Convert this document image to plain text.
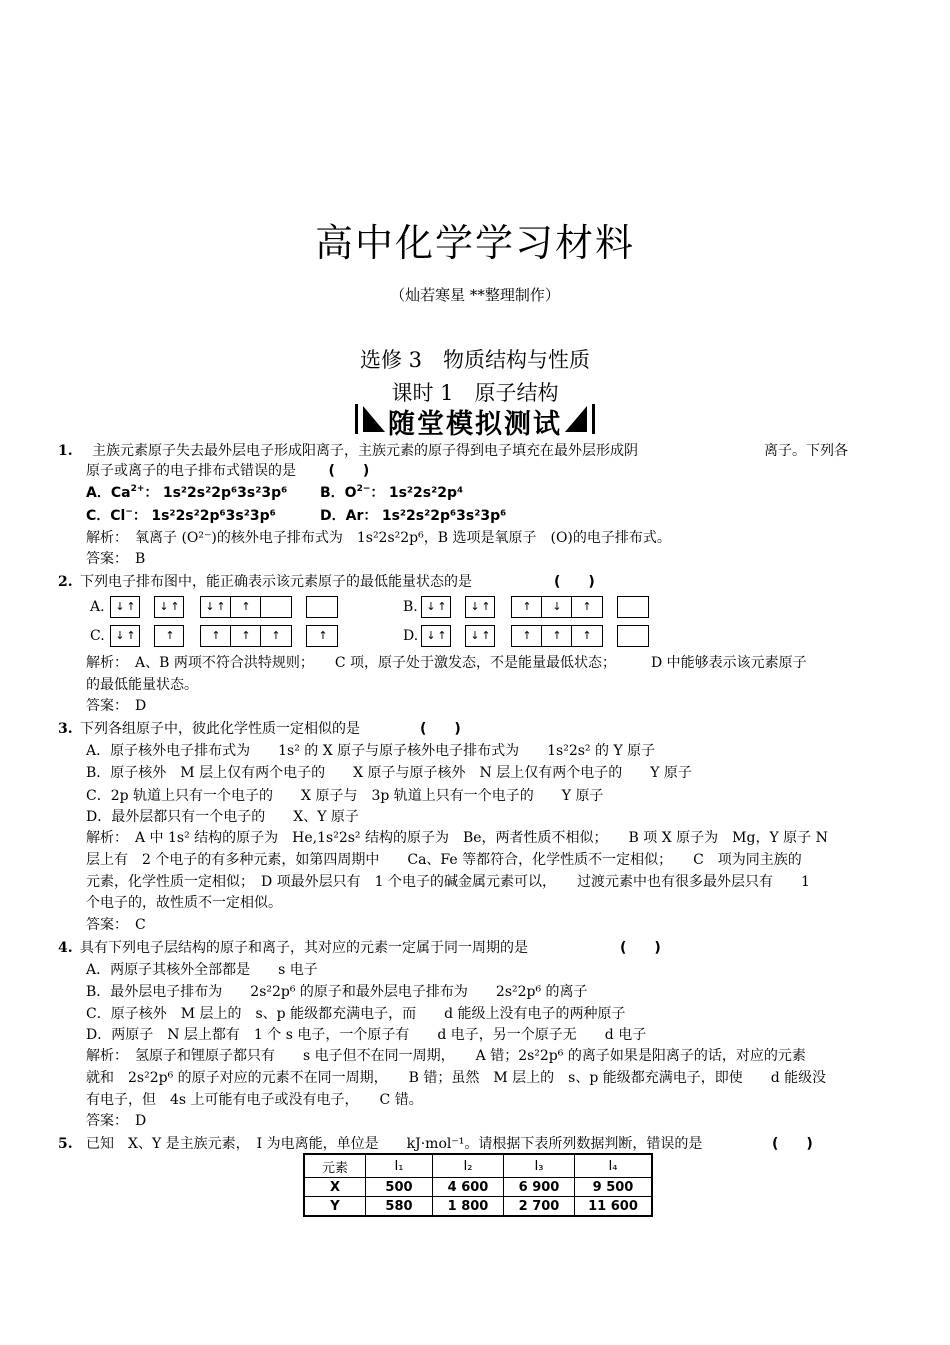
高中化学学习材料
（灿若寒星 **整理制作）
选修 3　物质结构与性质
课时 1　原子结构
随堂模拟测试
1. 主族元素原子失去最外层电子形成阳离子，主族元素的原子得到电子填充在最外层形成阴	离子。下列各
原子或离子的电子排布式错误的是 (　　)
A．$Ca^{2+}$： 1s²2s²2p⁶3s²3p⁶ B．$O^{2-}$： 1s²2s²2p⁴
C．Cl−： 1s²2s²2p⁶3s²3p⁶	D．Ar： 1s²2s²2p⁶3s²3p⁶
解析：　氧离子 (O²⁻)的核外电子排布式为　1s²2s²2p⁶，B 选项是氧原子　(O)的电子排布式。
答案：　B
2. 下列电子排布图中，能正确表示该元素原子的最低能量状态的是	(　　)
A. ↓ ↑ ↓ ↑ ↓ ↑ ↑	B. ↓ ↑ ↓ ↑	↑ ↓ ↑
C. ↓ ↑	↑	↑ ↑ ↑	↑	D. ↓ ↑ ↓ ↑	↑ ↑ ↑
解析：　A、B 两项不符合洪特规则；　　C 项，原子处于激发态，不是能量最低状态；　　　D 中能够表示该元素原子
的最低能量状态。
答案：　D
3. 下列各组原子中，彼此化学性质一定相似的是	(　　)
A．原子核外电子排布式为　　1s² 的 X 原子与原子核外电子排布式为　　1s²2s² 的 Y 原子
B．原子核外　M 层上仅有两个电子的　　X 原子与原子核外　N 层上仅有两个电子的　　Y 原子
C．2p 轨道上只有一个电子的　　X 原子与　3p 轨道上只有一个电子的　　Y 原子
D．最外层都只有一个电子的　　X、Y 原子
解析：　A 中 1s² 结构的原子为　He,1s²2s² 结构的原子为　Be，两者性质不相似；　　B 项 X 原子为　Mg，Y 原子 N
层上有　2 个电子的有多种元素，如第四周期中　　Ca、Fe 等都符合，化学性质不一定相似；　　C　项为同主族的
元素，化学性质一定相似；　D 项最外层只有　1 个电子的碱金属元素可以，　　过渡元素中也有很多最外层只有　　1
个电子的，故性质不一定相似。
答案：　C
4. 具有下列电子层结构的原子和离子，其对应的元素一定属于同一周期的是	(　　)
A．两原子其核外全部都是　　s 电子
B．最外层电子排布为　　2s²2p⁶ 的原子和最外层电子排布为　　2s²2p⁶ 的离子
C．原子核外　M 层上的　s、p 能级都充满电子，而　　d 能级上没有电子的两种原子
D．两原子　N 层上都有　1 个 s 电子，一个原子有　　d 电子，另一个原子无　　d 电子
解析：　氢原子和锂原子都只有　　s 电子但不在同一周期，　　A 错；2s²2p⁶ 的离子如果是阳离子的话，对应的元素
就和　2s²2p⁶ 的原子对应的元素不在同一周期，　　B 错；虽然　M 层上的　s、p 能级都充满电子，即使　　d 能级没
有电子，但　4s 上可能有电子或没有电子，　　C 错。
答案：　D
5. 已知　X、Y 是主族元素，　I 为电离能，单位是　　kJ·mol⁻¹。请根据下表所列数据判断，错误的是	(　　)
元素	I₁	I₂	I₃	I₄
X	500	4 600	6 900	9 500
Y	580	1 800	2 700	11 600
